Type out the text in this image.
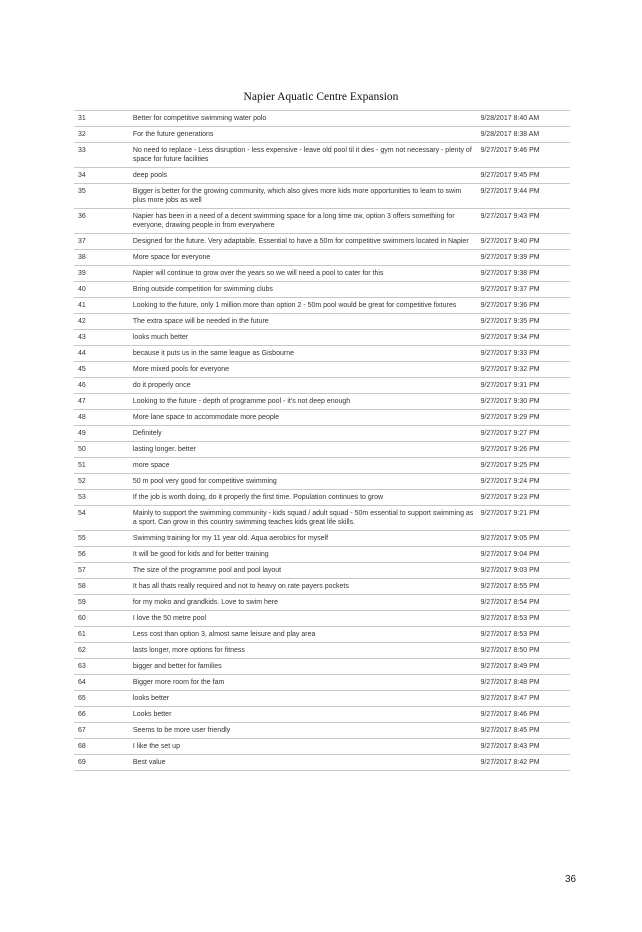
Napier Aquatic Centre Expansion
31	Better for competitive swimming water polo	9/28/2017 8:40 AM
32	For the future generations	9/28/2017 8:38 AM
33	No need to replace - Less disruption - less expensive - leave old pool til it dies - gym not necessary - plenty of space for future facilities	9/27/2017 9:46 PM
34	deep pools	9/27/2017 9:45 PM
35	Bigger is better for the growing community, which also gives more kids more opportunities to learn to swim plus more jobs as well	9/27/2017 9:44 PM
36	Napier has been in a need of a decent swimming space for a long time ow, option 3 offers something for everyone, drawing people in from everywhere	9/27/2017 9:43 PM
37	Designed for the future. Very adaptable. Essential to have a 50m for competitive swimmers located in Napier	9/27/2017 9:40 PM
38	More space for everyone	9/27/2017 9:39 PM
39	Napier will continue to grow over the years so we will need a pool to cater for this	9/27/2017 9:38 PM
40	Bring outside competition for swimming clubs	9/27/2017 9:37 PM
41	Looking to the future, only 1 million more than option 2 - 50m pool would be great for competitive fixtures	9/27/2017 9:36 PM
42	The extra space will be needed in the future	9/27/2017 9:35 PM
43	looks much better	9/27/2017 9:34 PM
44	because it puts us in the same league as Gisbourne	9/27/2017 9:33 PM
45	More mixed pools for everyone	9/27/2017 9:32 PM
46	do it properly once	9/27/2017 9:31 PM
47	Looking to the future - depth of programme pool - it's not deep enough	9/27/2017 9:30 PM
48	More lane space to accommodate more people	9/27/2017 9:29 PM
49	Definitely	9/27/2017 9:27 PM
50	lasting longer. better	9/27/2017 9:26 PM
51	more space	9/27/2017 9:25 PM
52	50 m pool very good for competitive swimming	9/27/2017 9:24 PM
53	If the job is worth doing, do it properly the first time. Population continues to grow	9/27/2017 9:23 PM
54	Mainly to support the swimming community - kids squad / adult squad - 50m essential to support swimming as a sport. Can grow in this country swimming teaches kids great life skills.	9/27/2017 9:21 PM
55	Swimming training for my 11 year old. Aqua aerobics for myself	9/27/2017 9:05 PM
56	It will be good for kids and for better training	9/27/2017 9:04 PM
57	The size of the programme pool and pool layout	9/27/2017 9:03 PM
58	It has all thats really required and not to heavy on rate payers pockets	9/27/2017 8:55 PM
59	for my moko and grandkids. Love to swim here	9/27/2017 8:54 PM
60	I love the 50 metre pool	9/27/2017 8:53 PM
61	Less cost than option 3, almost same leisure and play area	9/27/2017 8:53 PM
62	lasts longer, more options for fitness	9/27/2017 8:50 PM
63	bigger and better for families	9/27/2017 8:49 PM
64	Bigger more room for the fam	9/27/2017 8:48 PM
65	looks better	9/27/2017 8:47 PM
66	Looks better	9/27/2017 8:46 PM
67	Seems to be more user friendly	9/27/2017 8:45 PM
68	I like the set up	9/27/2017 8:43 PM
69	Best value	9/27/2017 8:42 PM
36
